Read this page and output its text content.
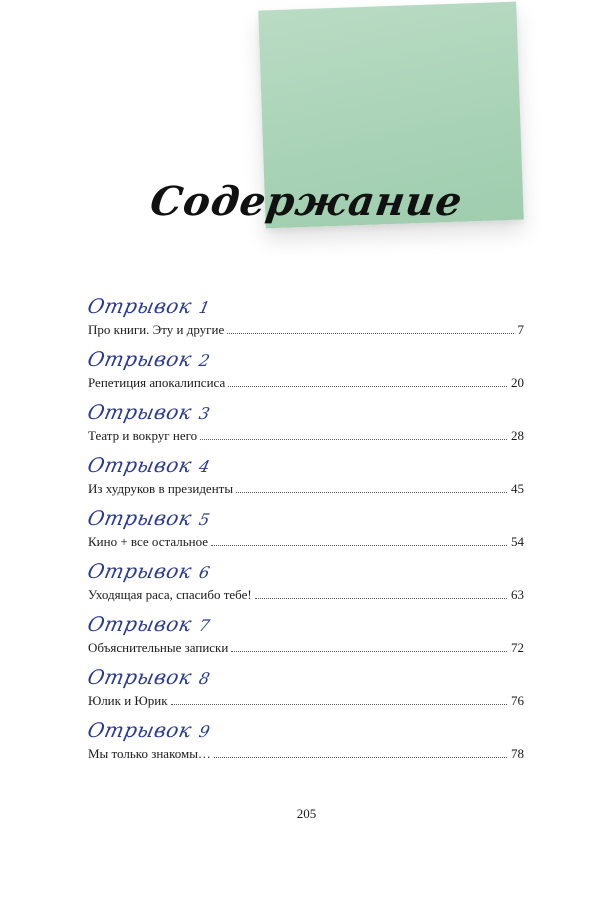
Содержание
Отрывок 1
Про книги. Эту и другие	7
Отрывок 2
Репетиция апокалипсиса	20
Отрывок 3
Театр и вокруг него	28
Отрывок 4
Из худруков в президенты	45
Отрывок 5
Кино + все остальное	54
Отрывок 6
Уходящая раса, спасибо тебе!	63
Отрывок 7
Объяснительные записки	72
Отрывок 8
Юлик и Юрик	76
Отрывок 9
Мы только знакомы…	78
205
